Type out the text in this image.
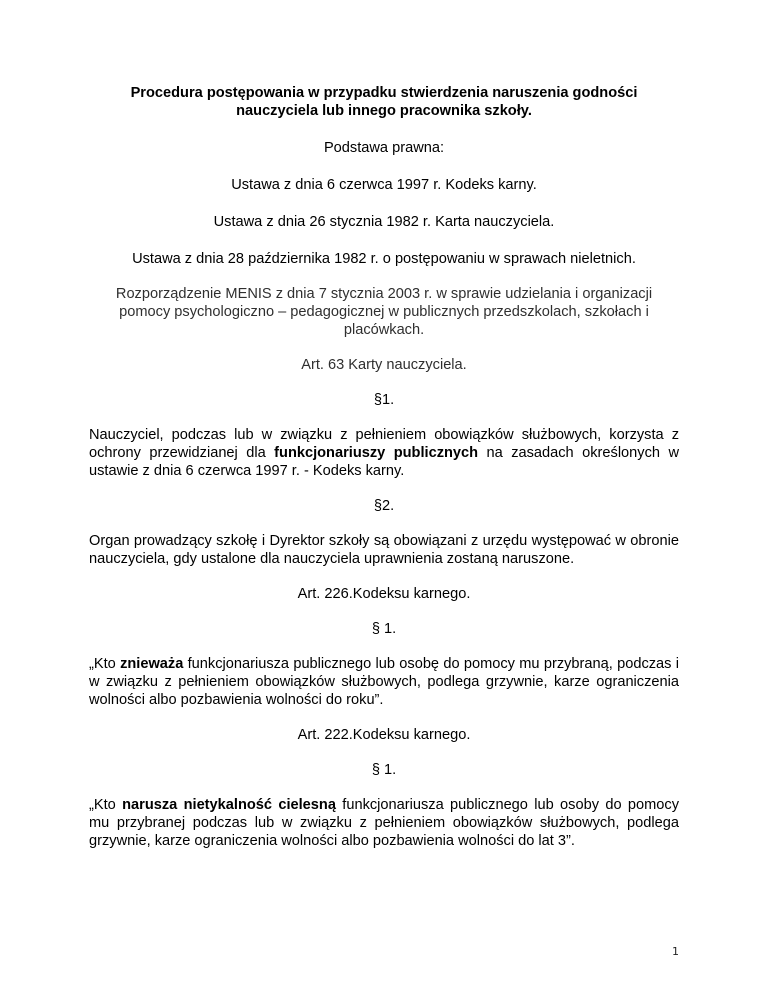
Procedura postępowania w przypadku stwierdzenia naruszenia godności
nauczyciela lub innego pracownika szkoły.

Podstawa prawna:

Ustawa z dnia 6 czerwca 1997 r. Kodeks karny.

Ustawa z dnia 26 stycznia 1982 r. Karta nauczyciela.

Ustawa z dnia 28 października 1982 r. o postępowaniu w sprawach nieletnich.

Rozporządzenie MENIS z dnia 7 stycznia 2003 r. w sprawie udzielania i organizacji pomocy psychologiczno – pedagogicznej w publicznych przedszkolach, szkołach i placówkach.

Art. 63 Karty nauczyciela.

§1.

Nauczyciel, podczas lub w związku z pełnieniem obowiązków służbowych, korzysta z ochrony przewidzianej dla funkcjonariuszy publicznych na zasadach określonych w ustawie z dnia 6 czerwca 1997 r. - Kodeks karny.

§2.

Organ prowadzący szkołę i Dyrektor szkoły są obowiązani z urzędu występować w obronie nauczyciela, gdy ustalone dla nauczyciela uprawnienia zostaną naruszone.

Art. 226.Kodeksu karnego.

§ 1.

„Kto znieważa funkcjonariusza publicznego lub osobę do pomocy mu przybraną, podczas i w związku z pełnieniem obowiązków służbowych, podlega grzywnie, karze ograniczenia wolności albo pozbawienia wolności do roku”.

Art. 222.Kodeksu karnego.

§ 1.

„Kto narusza nietykalność cielesną funkcjonariusza publicznego lub osoby do pomocy mu przybranej podczas lub w związku z pełnieniem obowiązków służbowych, podlega grzywnie, karze ograniczenia wolności albo pozbawienia wolności do lat 3”.

1
